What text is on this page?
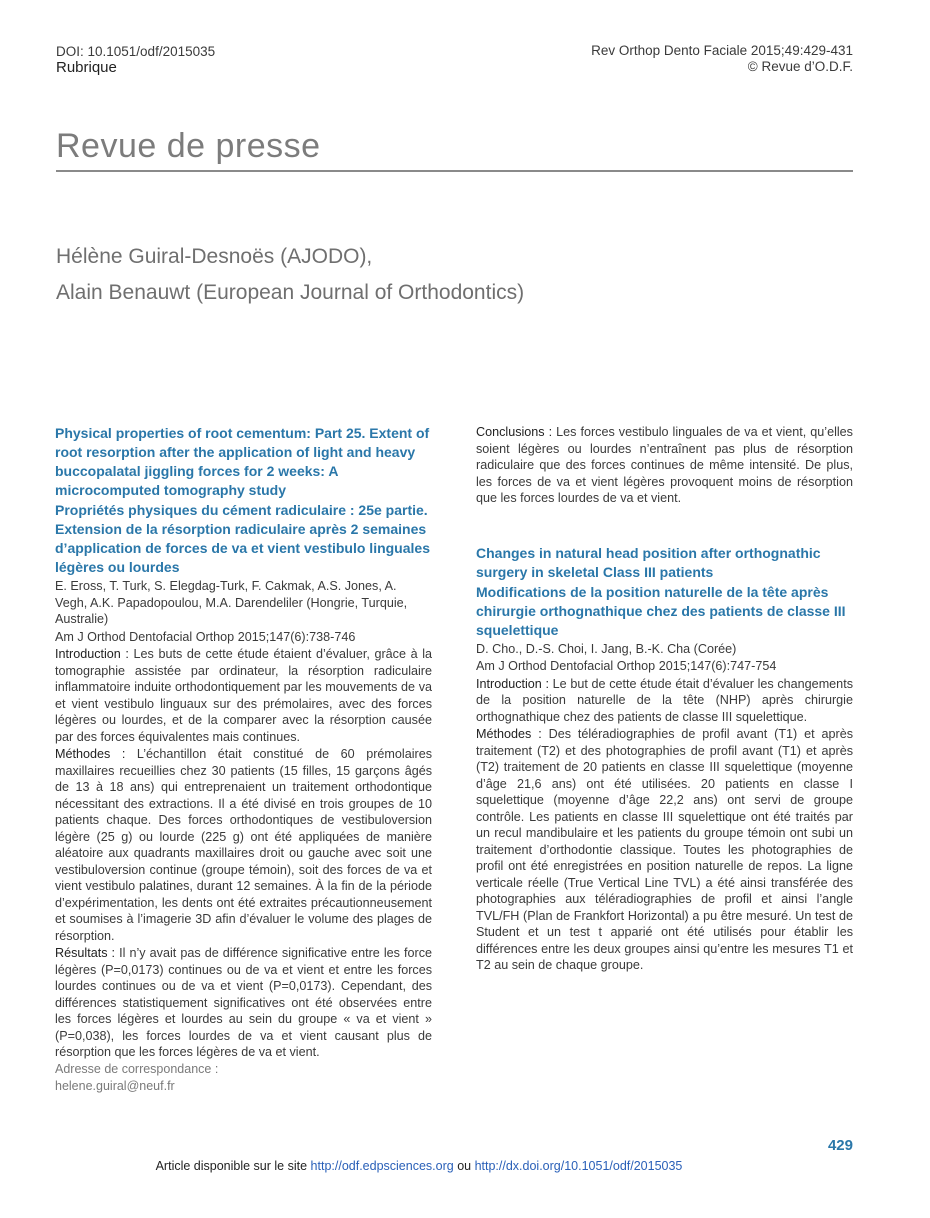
DOI: 10.1051/odf/2015035
Rubrique
Rev Orthop Dento Faciale 2015;49:429-431
© Revue d’O.D.F.
Revue de presse
Hélène Guiral-Desnoës (AJODO),
Alain Benauwt (European Journal of Orthodontics)

Physical properties of root cementum: Part 25. Extent of root resorption after the application of light and heavy buccopalatal jiggling forces for 2 weeks: A microcomputed tomography study

Propriétés physiques du cément radiculaire : 25e partie. Extension de la résorption radiculaire après 2 semaines d’application de forces de va et vient vestibulo linguales légères ou lourdes

E. Eross, T. Turk, S. Elegdag-Turk, F. Cakmak, A.S. Jones, A. Vegh, A.K. Papadopoulou, M.A. Darendeliler (Hongrie, Turquie, Australie)

Am J Orthod Dentofacial Orthop 2015;147(6):738-746

Introduction : Les buts de cette étude étaient d’évaluer, grâce à la tomographie assistée par ordinateur, la résorption radiculaire inflammatoire induite orthodontiquement par les mouvements de va et vient vestibulo linguaux sur des prémolaires, avec des forces légères ou lourdes, et de la comparer avec la résorption causée par des forces équivalentes mais continues.

Méthodes : L’échantillon était constitué de 60 prémolaires maxillaires recueillies chez 30 patients (15 filles, 15 garçons âgés de 13 à 18 ans) qui entreprenaient un traitement orthodontique nécessitant des extractions. Il a été divisé en trois groupes de 10 patients chaque. Des forces orthodontiques de vestibuloversion légère (25 g) ou lourde (225 g) ont été appliquées de manière aléatoire aux quadrants maxillaires droit ou gauche avec soit une vestibuloversion continue (groupe témoin), soit des forces de va et vient vestibulo palatines, durant 12 semaines. À la fin de la période d’expérimentation, les dents ont été extraites précautionneusement et soumises à l’imagerie 3D afin d’évaluer le volume des plages de résorption.

Résultats : Il n’y avait pas de différence significative entre les force légères (P=0,0173) continues ou de va et vient et entre les forces lourdes continues ou de va et vient (P=0,0173). Cependant, des différences statistiquement significatives ont été observées entre les forces légères et lourdes au sein du groupe « va et vient » (P=0,038), les forces lourdes de va et vient causant plus de résorption que les forces légères de va et vient.

Conclusions : Les forces vestibulo linguales de va et vient, qu’elles soient légères ou lourdes n’entraînent pas plus de résorption radiculaire que des forces continues de même intensité. De plus, les forces de va et vient légères provoquent moins de résorption que les forces lourdes de va et vient.

Changes in natural head position after orthognathic surgery in skeletal Class III patients

Modifications de la position naturelle de la tête après chirurgie orthognathique chez des patients de classe III squelettique

D. Cho., D.-S. Choi, I. Jang, B.-K. Cha (Corée)

Am J Orthod Dentofacial Orthop 2015;147(6):747-754

Introduction : Le but de cette étude était d’évaluer les changements de la position naturelle de la tête (NHP) après chirurgie orthognathique chez des patients de classe III squelettique.

Méthodes : Des téléradiographies de profil avant (T1) et après traitement (T2) et des photographies de profil avant (T1) et après (T2) traitement de 20 patients en classe III squelettique (moyenne d’âge 21,6 ans) ont été utilisées. 20 patients en classe I squelettique (moyenne d’âge 22,2 ans) ont servi de groupe contrôle. Les patients en classe III squelettique ont été traités par un recul mandibulaire et les patients du groupe témoin ont subi un traitement d’orthodontie classique. Toutes les photographies de profil ont été enregistrées en position naturelle de repos. La ligne verticale réelle (True Vertical Line TVL) a été ainsi transférée des photographies aux téléradiographies de profil et ainsi l’angle TVL/FH (Plan de Frankfort Horizontal) a pu être mesuré. Un test de Student et un test t apparié ont été utilisés pour établir les différences entre les deux groupes ainsi qu’entre les mesures T1 et T2 au sein de chaque groupe.

Adresse de correspondance :
helene.guiral@neuf.fr
429
Article disponible sur le site http://odf.edpsciences.org ou http://dx.doi.org/10.1051/odf/2015035
